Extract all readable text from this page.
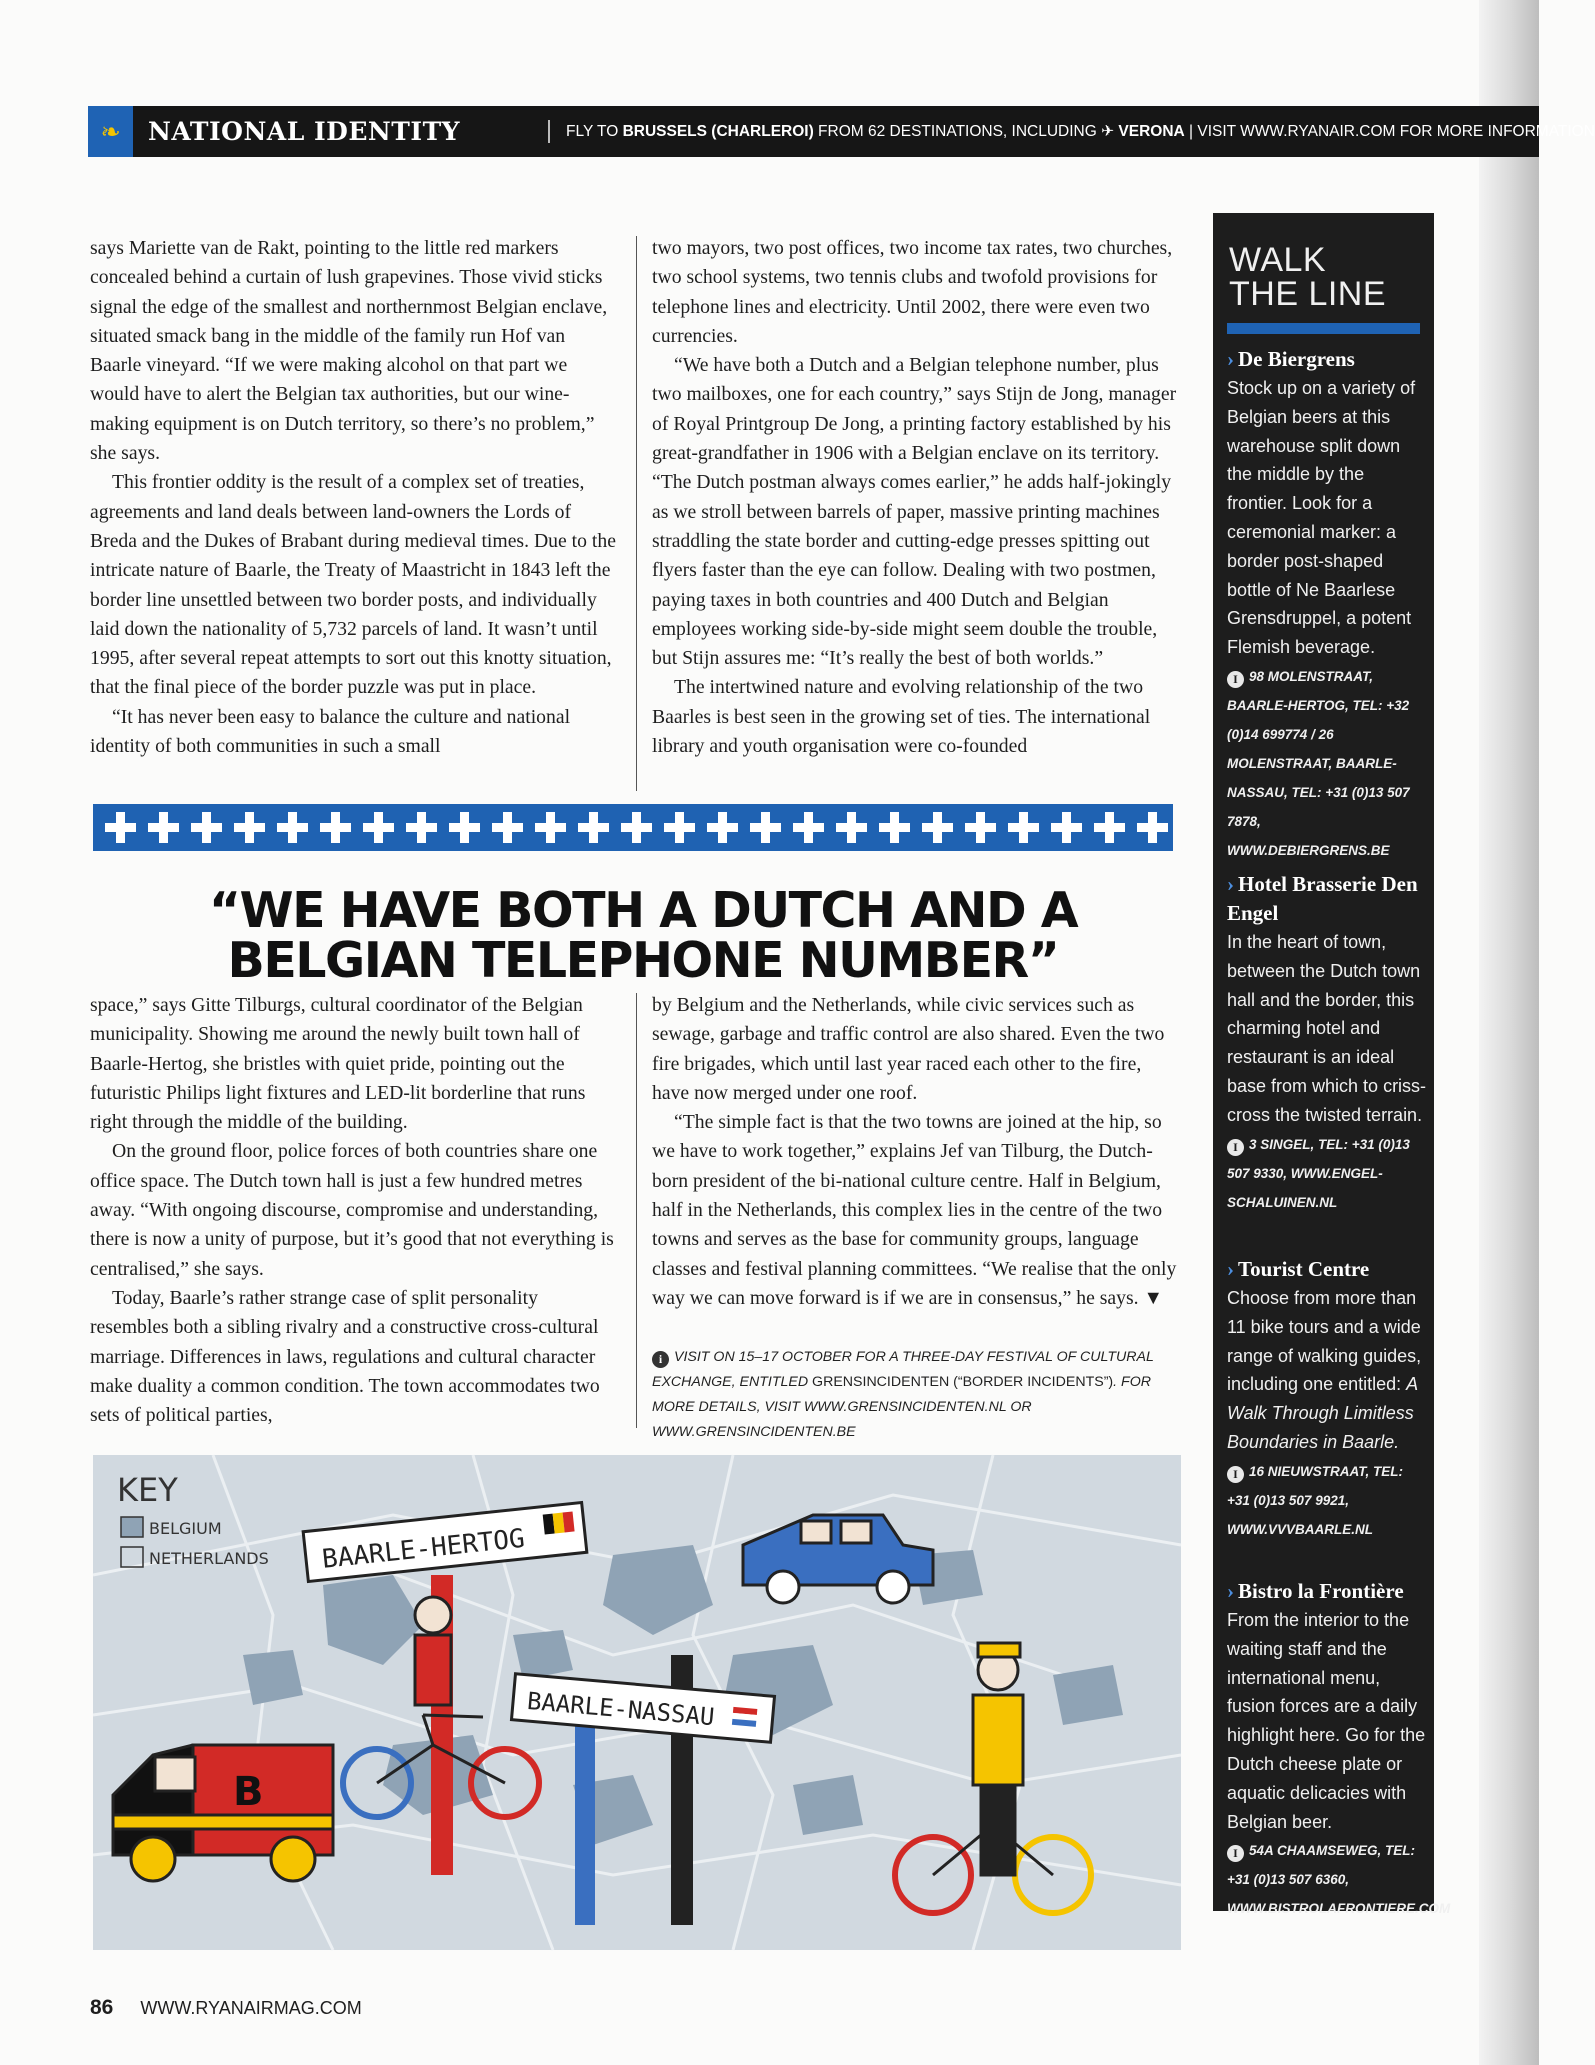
❧	NATIONAL IDENTITY	FLY TO BRUSSELS (CHARLEROI) FROM 62 DESTINATIONS, INCLUDING ✈ VERONA | VISIT WWW.RYANAIR.COM FOR MORE INFORMATION

says Mariette van de Rakt, pointing to the little red markers concealed behind a curtain of lush grapevines. Those vivid sticks signal the edge of the smallest and northernmost Belgian enclave, situated smack bang in the middle of the family run Hof van Baarle vineyard. “If we were making alcohol on that part we would have to alert the Belgian tax authorities, but our wine-making equipment is on Dutch territory, so there’s no problem,” she says.

This frontier oddity is the result of a complex set of treaties, agreements and land deals between land-owners the Lords of Breda and the Dukes of Brabant during medieval times. Due to the intricate nature of Baarle, the Treaty of Maastricht in 1843 left the border line unsettled between two border posts, and individually laid down the nationality of 5,732 parcels of land. It wasn’t until 1995, after several repeat attempts to sort out this knotty situation, that the final piece of the border puzzle was put in place.

“It has never been easy to balance the culture and national identity of both communities in such a small

two mayors, two post offices, two income tax rates, two churches, two school systems, two tennis clubs and twofold provisions for telephone lines and electricity. Until 2002, there were even two currencies.

“We have both a Dutch and a Belgian telephone number, plus two mailboxes, one for each country,” says Stijn de Jong, manager of Royal Printgroup De Jong, a printing factory established by his great-grandfather in 1906 with a Belgian enclave on its territory. “The Dutch postman always comes earlier,” he adds half-jokingly as we stroll between barrels of paper, massive printing machines straddling the state border and cutting-edge presses spitting out flyers faster than the eye can follow. Dealing with two postmen, paying taxes in both countries and 400 Dutch and Belgian employees working side-by-side might seem double the trouble, but Stijn assures me: “It’s really the best of both worlds.”

The intertwined nature and evolving relationship of the two Baarles is best seen in the growing set of ties. The international library and youth organisation were co-founded

“WE HAVE BOTH A DUTCH AND A
BELGIAN TELEPHONE NUMBER”

space,” says Gitte Tilburgs, cultural coordinator of the Belgian municipality. Showing me around the newly built town hall of Baarle-Hertog, she bristles with quiet pride, pointing out the futuristic Philips light fixtures and LED-lit borderline that runs right through the middle of the building.

On the ground floor, police forces of both countries share one office space. The Dutch town hall is just a few hundred metres away. “With ongoing discourse, compromise and understanding, there is now a unity of purpose, but it’s good that not everything is centralised,” she says.

Today, Baarle’s rather strange case of split personality resembles both a sibling rivalry and a constructive cross-cultural marriage. Differences in laws, regulations and cultural character make duality a common condition. The town accommodates two sets of political parties,

by Belgium and the Netherlands, while civic services such as sewage, garbage and traffic control are also shared. Even the two fire brigades, which until last year raced each other to the fire, have now merged under one roof.

“The simple fact is that the two towns are joined at the hip, so we have to work together,” explains Jef van Tilburg, the Dutch-born president of the bi-national culture centre. Half in Belgium, half in the Netherlands, this complex lies in the centre of the two towns and serves as the base for community groups, language classes and festival planning committees. “We realise that the only way we can move forward is if we are in consensus,” he says. ▼

i VISIT ON 15–17 OCTOBER FOR A THREE-DAY FESTIVAL OF CULTURAL EXCHANGE, ENTITLED GRENSINCIDENTEN (“BORDER INCIDENTS”). FOR MORE DETAILS, VISIT WWW.GRENSINCIDENTEN.NL OR WWW.GRENSINCIDENTEN.BE
WALK
THE LINE
› De Biergrens
Stock up on a variety of Belgian beers at this warehouse split down the middle by the frontier. Look for a ceremonial marker: a border post-shaped bottle of Ne Baarlese Grensdruppel, a potent Flemish beverage.
I 98 MOLENSTRAAT, BAARLE-HERTOG, TEL: +32 (0)14 699774 / 26 MOLENSTRAAT, BAARLE-NASSAU, TEL: +31 (0)13 507 7878, WWW.DEBIERGRENS.BE
› Hotel Brasserie Den Engel
In the heart of town, between the Dutch town hall and the border, this charming hotel and restaurant is an ideal base from which to criss-cross the twisted terrain.
I 3 SINGEL, TEL: +31 (0)13 507 9330, WWW.ENGEL-SCHALUINEN.NL
› Tourist Centre
Choose from more than 11 bike tours and a wide range of walking guides, including one entitled: A Walk Through Limitless Boundaries in Baarle.
I 16 NIEUWSTRAAT, TEL: +31 (0)13 507 9921, WWW.VVVBAARLE.NL
› Bistro la Frontière
From the interior to the waiting staff and the international menu, fusion forces are a daily highlight here. Go for the Dutch cheese plate or aquatic delicacies with Belgian beer.
I 54A CHAAMSEWEG, TEL: +31 (0)13 507 6360, WWW.BISTROLAFRONTIERE.COM
KEY
BELGIUM
NETHERLANDS BAARLE-HERTOG
BAARLE-NASSAU
B
86 WWW.RYANAIRMAG.COM
